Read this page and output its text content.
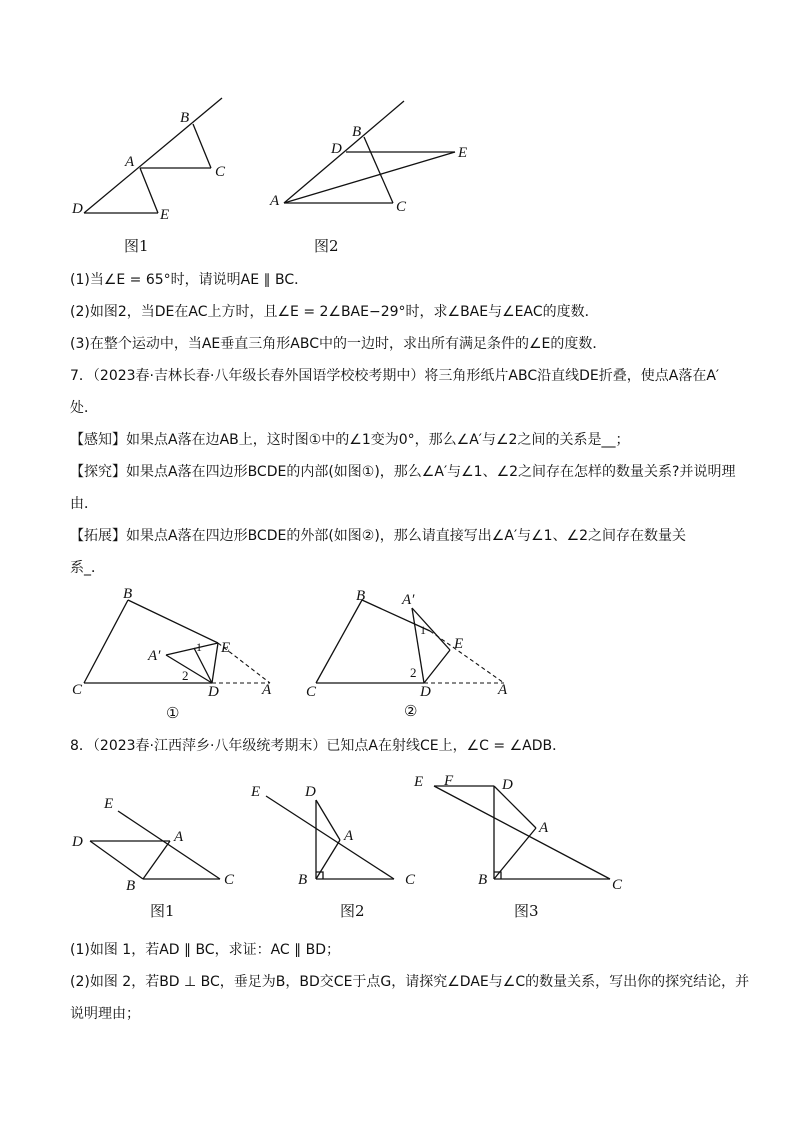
B
A
C
D	E
图1
B
D	E
A	C
图2
(1)当∠E = 65°时，请说明AE ∥ BC．
(2)如图2，当DE在AC上方时，且∠E = 2∠BAE−29°时，求∠BAE与∠EAC的度数．
(3)在整个运动中，当AE垂直三角形ABC中的一边时，求出所有满足条件的∠E的度数．
7．（2023春·吉林长春·八年级长春外国语学校校考期中）将三角形纸片ABC沿直线DE折叠，使点A落在A′
处．
【感知】如果点A落在边AB上，这时图①中的∠1变为0°，那么∠A′与∠2之间的关系是__；
【探究】如果点A落在四边形BCDE的内部(如图①)，那么∠A′与∠1、∠2之间存在怎样的数量关系?并说明理
由．
【拓展】如果点A落在四边形BCDE的外部(如图②)，那么请直接写出∠A′与∠1、∠2之间存在数量关
系_．
B
A′
1 E
2
C	D	A
①
B A′
1
E
2
C	D	A
②
8．（2023春·江西萍乡·八年级统考期末）已知点A在射线CE上，∠C = ∠ADB．
E
D	A
B	C
图1
E	D
A
B	C
图2
E F	D
A
B	C
图3
(1)如图 1，若AD ∥ BC，求证：AC ∥ BD；
(2)如图 2，若BD ⊥ BC，垂足为B，BD交CE于点G，请探究∠DAE与∠C的数量关系，写出你的探究结论，并
说明理由；
